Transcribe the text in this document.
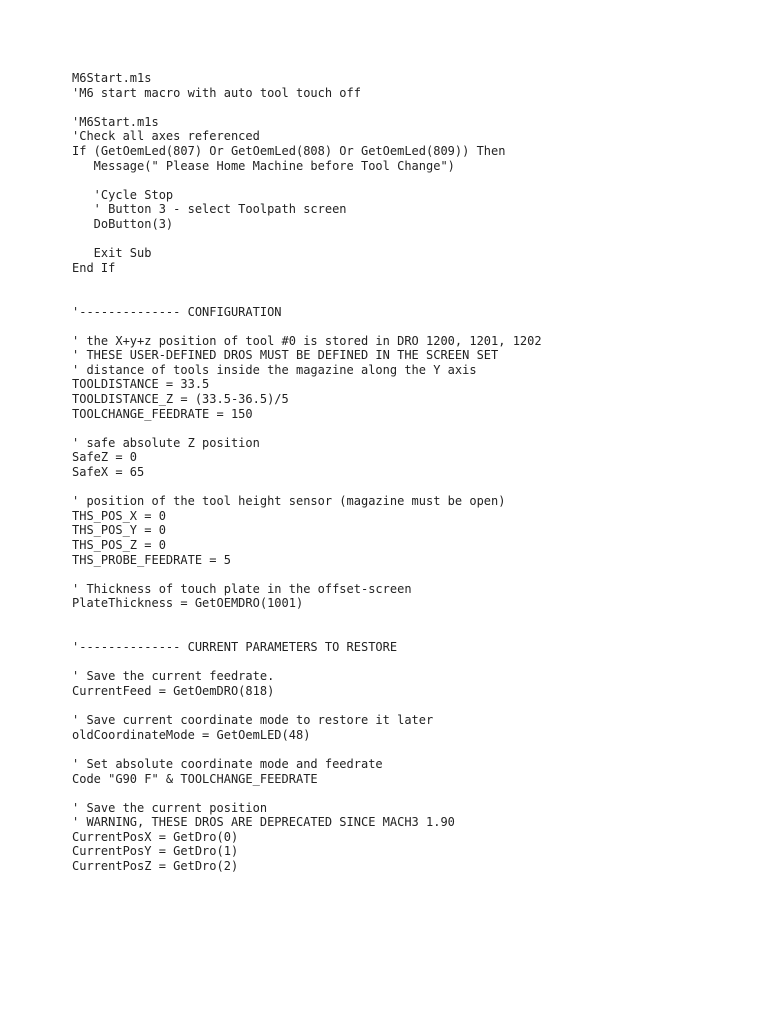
M6Start.m1s
'M6 start macro with auto tool touch off
'M6Start.m1s
'Check all axes referenced
If (GetOemLed(807) Or GetOemLed(808) Or GetOemLed(809)) Then
Message(" Please Home Machine before Tool Change")
'Cycle Stop
' Button 3 - select Toolpath screen
DoButton(3)
Exit Sub
End If
'-------------- CONFIGURATION
' the X+y+z position of tool #0 is stored in DRO 1200, 1201, 1202
' THESE USER-DEFINED DROS MUST BE DEFINED IN THE SCREEN SET
' distance of tools inside the magazine along the Y axis
TOOLDISTANCE = 33.5
TOOLDISTANCE_Z = (33.5-36.5)/5
TOOLCHANGE_FEEDRATE = 150
' safe absolute Z position
SafeZ = 0
SafeX = 65
' position of the tool height sensor (magazine must be open)
THS_POS_X = 0
THS_POS_Y = 0
THS_POS_Z = 0
THS_PROBE_FEEDRATE = 5
' Thickness of touch plate in the offset-screen
PlateThickness = GetOEMDRO(1001)
'-------------- CURRENT PARAMETERS TO RESTORE
' Save the current feedrate.
CurrentFeed = GetOemDRO(818)
' Save current coordinate mode to restore it later
oldCoordinateMode = GetOemLED(48)
' Set absolute coordinate mode and feedrate
Code "G90 F" & TOOLCHANGE_FEEDRATE
' Save the current position
' WARNING, THESE DROS ARE DEPRECATED SINCE MACH3 1.90
CurrentPosX = GetDro(0)
CurrentPosY = GetDro(1)
CurrentPosZ = GetDro(2)
